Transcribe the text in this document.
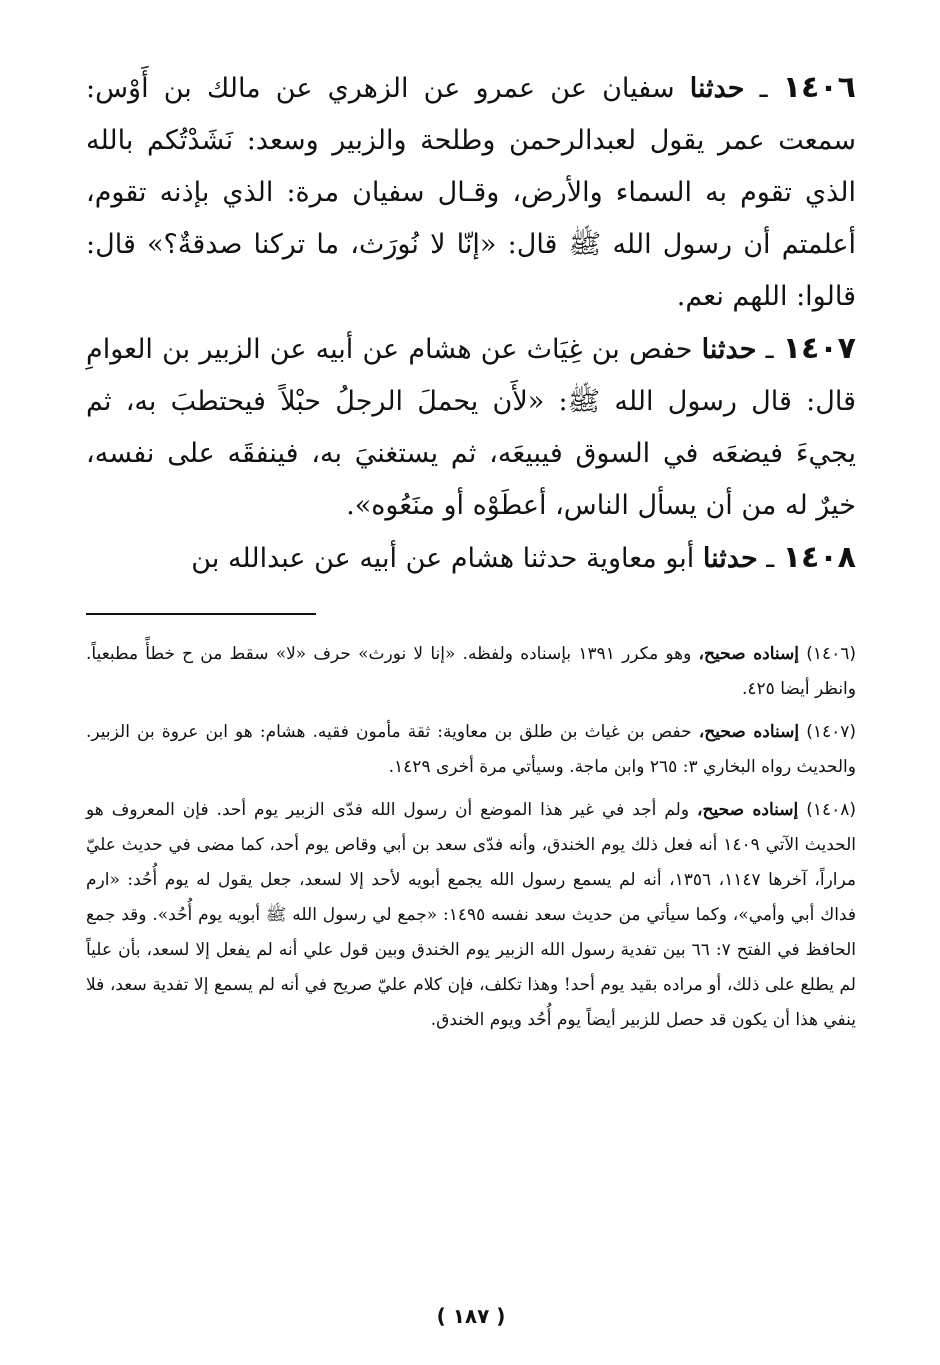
١٤٠٦ ـ حدثنا سفيان عن عمرو عن الزهري عن مالك بن أَوْس: سمعت عمر يقول لعبدالرحمن وطلحة والزبير وسعد: نَشَدْتُكم بالله الذي تقوم به السماء والأرض، وقـال سفيان مرة: الذي بإذنه تقوم، أعلمتم أن رسول الله ﷺ قال: «إنّا لا نُورَث، ما تركنا صدقةٌ؟» قال: قالوا: اللهم نعم.

١٤٠٧ ـ حدثنا حفص بن غِيَاث عن هشام عن أبيه عن الزبير بن العوامِ قال: قال رسول الله ﷺ: «لأَن يحملَ الرجلُ حبْلاً فيحتطبَ به، ثم يجيءَ فيضعَه في السوق فيبيعَه، ثم يستغنيَ به، فينفقَه على نفسه، خيرٌ له من أن يسأل الناس، أعطَوْه أو منَعُوه».

١٤٠٨ ـ حدثنا أبو معاوية حدثنا هشام عن أبيه عن عبدالله بن

(١٤٠٦) إسناده صحيح، وهو مكرر ١٣٩١ بإسناده ولفظه. «إنا لا نورث» حرف «لا» سقط من ح خطأً مطبعياً. وانظر أيضا ٤٢٥.

(١٤٠٧) إسناده صحيح، حفص بن غياث بن طلق بن معاوية: ثقة مأمون فقيه. هشام: هو ابن عروة بن الزبير. والحديث رواه البخاري ٣: ٢٦٥ وابن ماجة. وسيأتي مرة أخرى ١٤٢٩.

(١٤٠٨) إسناده صحيح، ولم أجد في غير هذا الموضع أن رسول الله فدّى الزبير يوم أحد. فإن المعروف هو الحديث الآتي ١٤٠٩ أنه فعل ذلك يوم الخندق، وأنه فدّى سعد بن أبي وقاص يوم أحد، كما مضى في حديث عليّ مراراً، آخرها ١١٤٧، ١٣٥٦، أنه لم يسمع رسول الله يجمع أبويه لأحد إلا لسعد، جعل يقول له يوم أُحُد: «ارم فداك أبي وأمي»، وكما سيأتي من حديث سعد نفسه ١٤٩٥: «جمع لي رسول الله ﷺ أبويه يوم أُحُد». وقد جمع الحافظ في الفتح ٧: ٦٦ بين تفدية رسول الله الزبير يوم الخندق وبين قول علي أنه لم يفعل إلا لسعد، بأن علياً لم يطلع على ذلك، أو مراده بقيد يوم أحد! وهذا تكلف، فإن كلام عليّ صريح في أنه لم يسمع إلا تفدية سعد، فلا ينفي هذا أن يكون قد حصل للزبير أيضاً يوم أُحُد ويوم الخندق.

( ١٨٧ )
